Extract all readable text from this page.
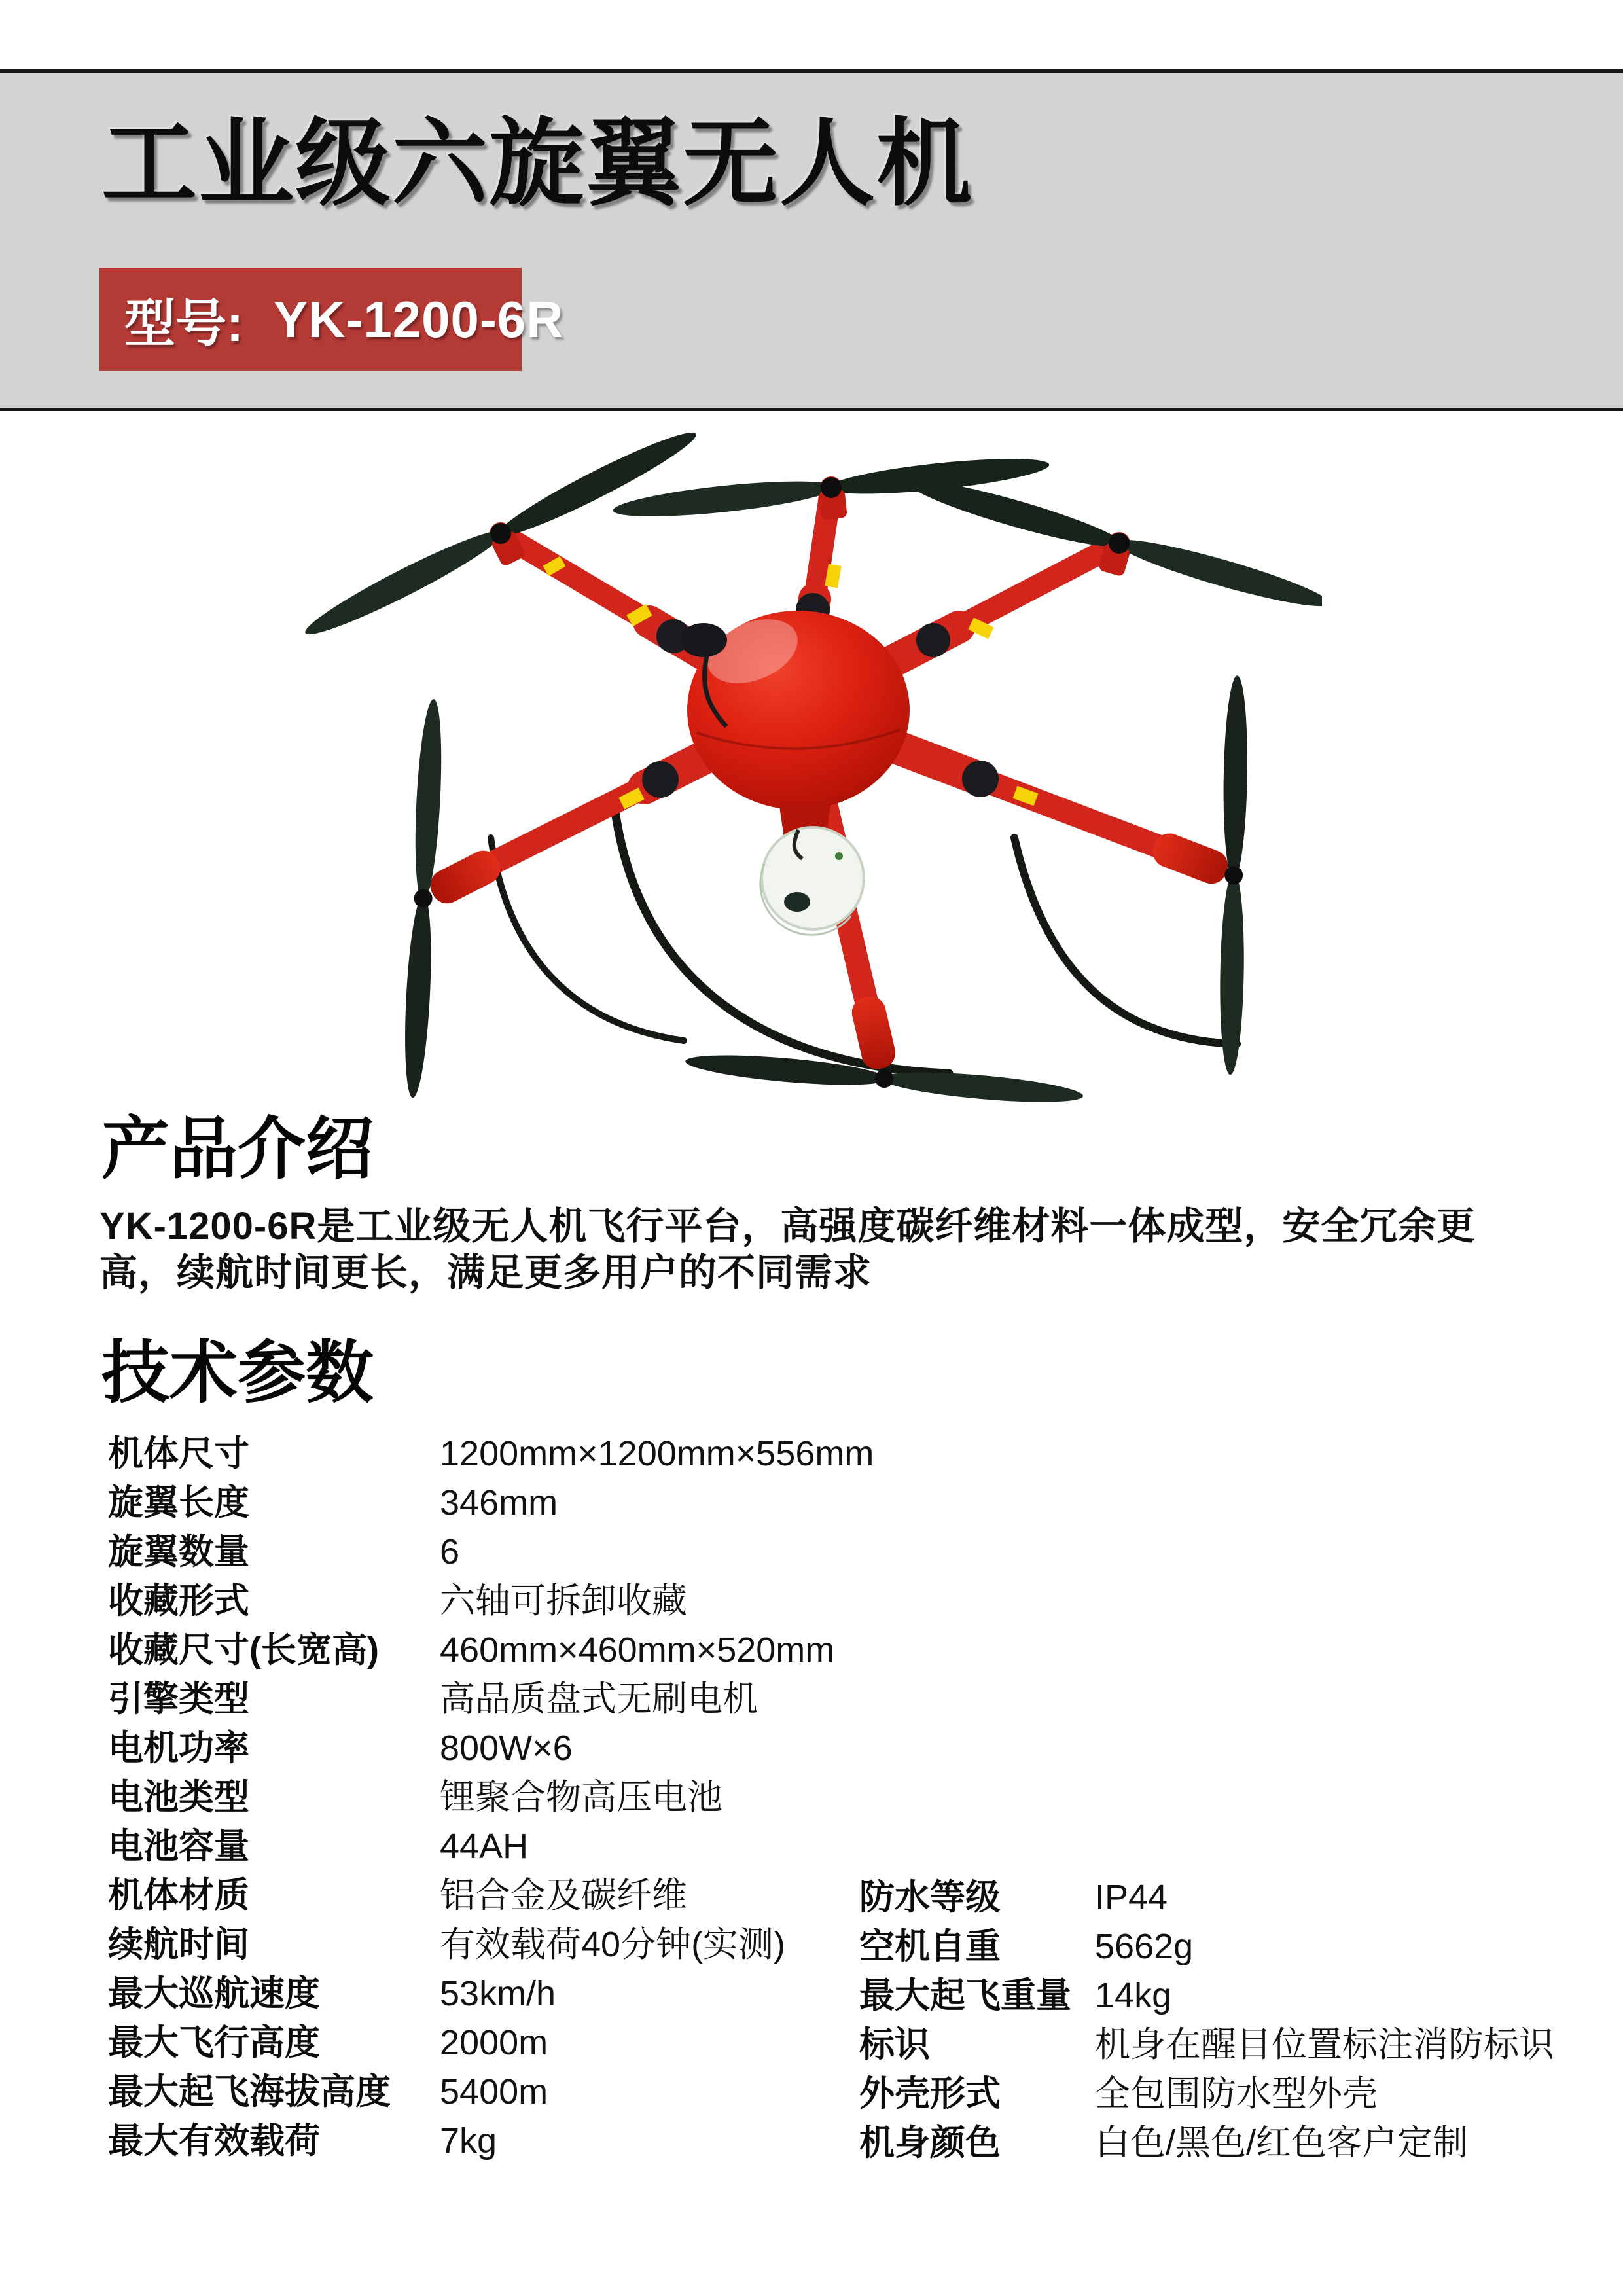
工业级六旋翼无人机
型号: YK-1200-6R
产品介绍
YK-1200-6R是工业级无人机飞行平台，高强度碳纤维材料一体成型，安全冗余更高，续航时间更长，满足更多用户的不同需求
技术参数
机体尺寸	1200mm×1200mm×556mm
旋翼长度	346mm
旋翼数量	6
收藏形式	六轴可拆卸收藏
收藏尺寸(长宽高)	460mm×460mm×520mm
引擎类型	高品质盘式无刷电机
电机功率	800W×6
电池类型	锂聚合物高压电池
电池容量	44AH
机体材质	铝合金及碳纤维
续航时间	有效载荷40分钟(实测)
最大巡航速度	53km/h
最大飞行高度	2000m
最大起飞海拔高度	5400m
最大有效载荷	7kg
防水等级	IP44
空机自重	5662g
最大起飞重量 14kg
标识	机身在醒目位置标注消防标识
外壳形式	全包围防水型外壳
机身颜色	白色/黑色/红色客户定制
